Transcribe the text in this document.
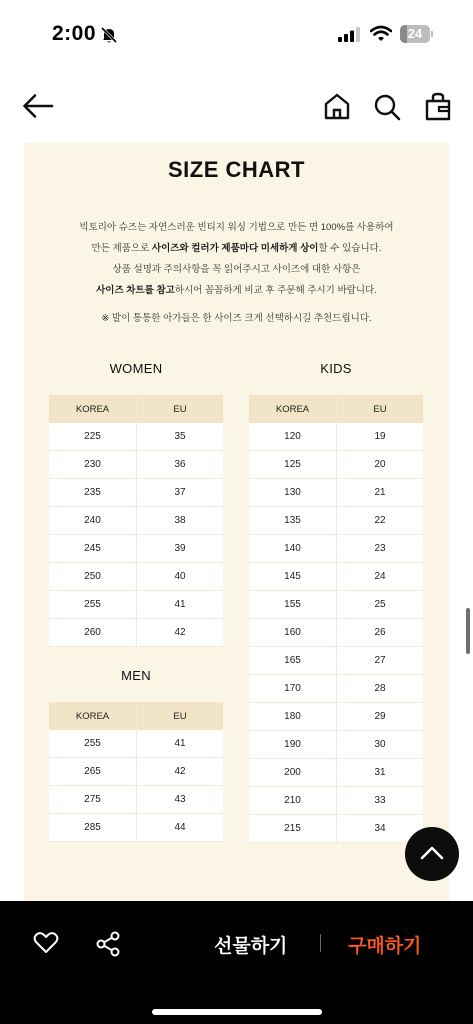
2:00	24
SIZE CHART
빅토리아 슈즈는 자연스러운 빈티지 워싱 기법으로 만든 면 100%를 사용하여
만든 제품으로 사이즈와 컬러가 제품마다 미세하게 상이할 수 있습니다.
상품 설명과 주의사항을 꼭 읽어주시고 사이즈에 대한 사항은
사이즈 차트를 참고하시어 꼼꼼하게 비교 후 주문해 주시기 바랍니다.
※ 발이 통통한 아가들은 한 사이즈 크게 선택하시길 추천드립니다.
WOMEN
KOREA	EU
225	35
230	36
235	37
240	38
245	39
250	40
255	41
260	42
MEN
KOREA	EU
255	41
265	42
275	43
285	44
KIDS
KOREA	EU
120	19
125	20
130	21
135	22
140	23
145	24
155	25
160	26
165	27
170	28
180	29
190	30
200	31
210	33
215	34
선물하기	구매하기
